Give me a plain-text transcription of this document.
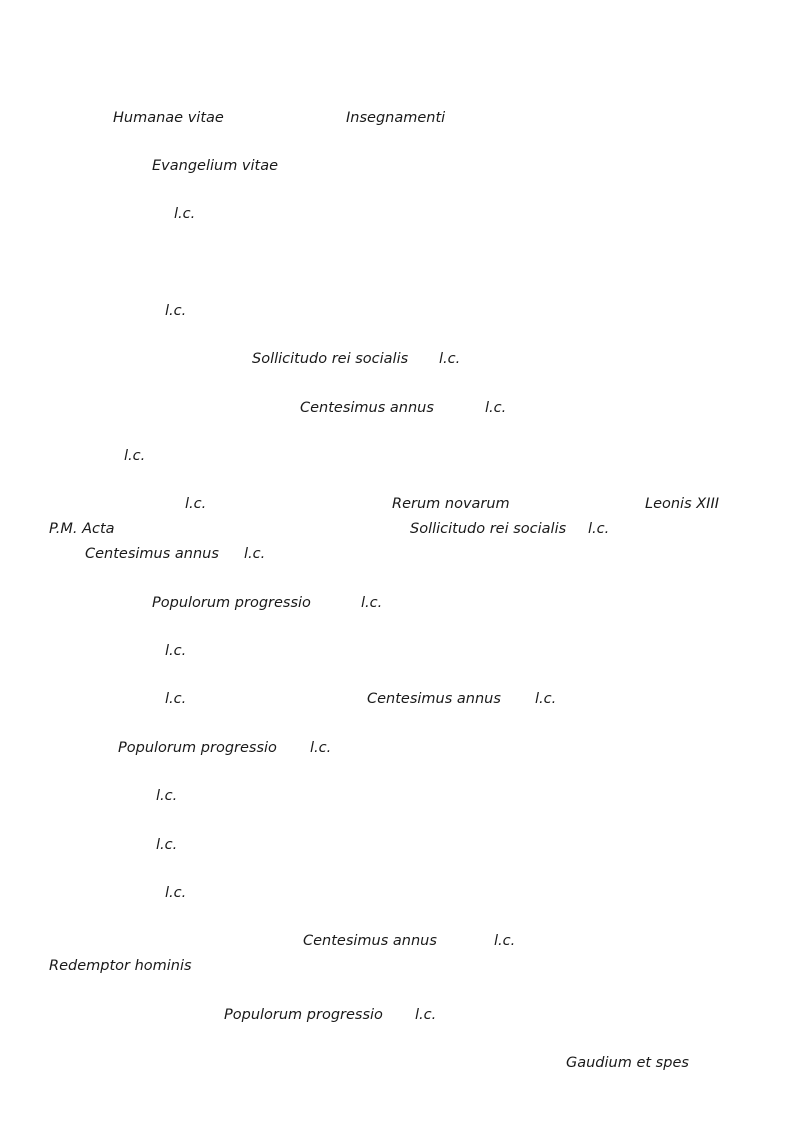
Humanae vitae	Insegnamenti
Evangelium vitae
l.c.
l.c.
Sollicitudo rei socialis l.c.
Centesimus annus	l.c.
l.c.
l.c.	Rerum novarum	Leonis XIII
P.M. Acta	Sollicitudo rei socialis l.c.
Centesimus annus l.c.
Populorum progressio	l.c.
l.c.
l.c.	Centesimus annus l.c.
Populorum progressio l.c.
l.c.
l.c.
l.c.
Centesimus annus	l.c.
Redemptor hominis
Populorum progressio l.c.
Gaudium et spes
